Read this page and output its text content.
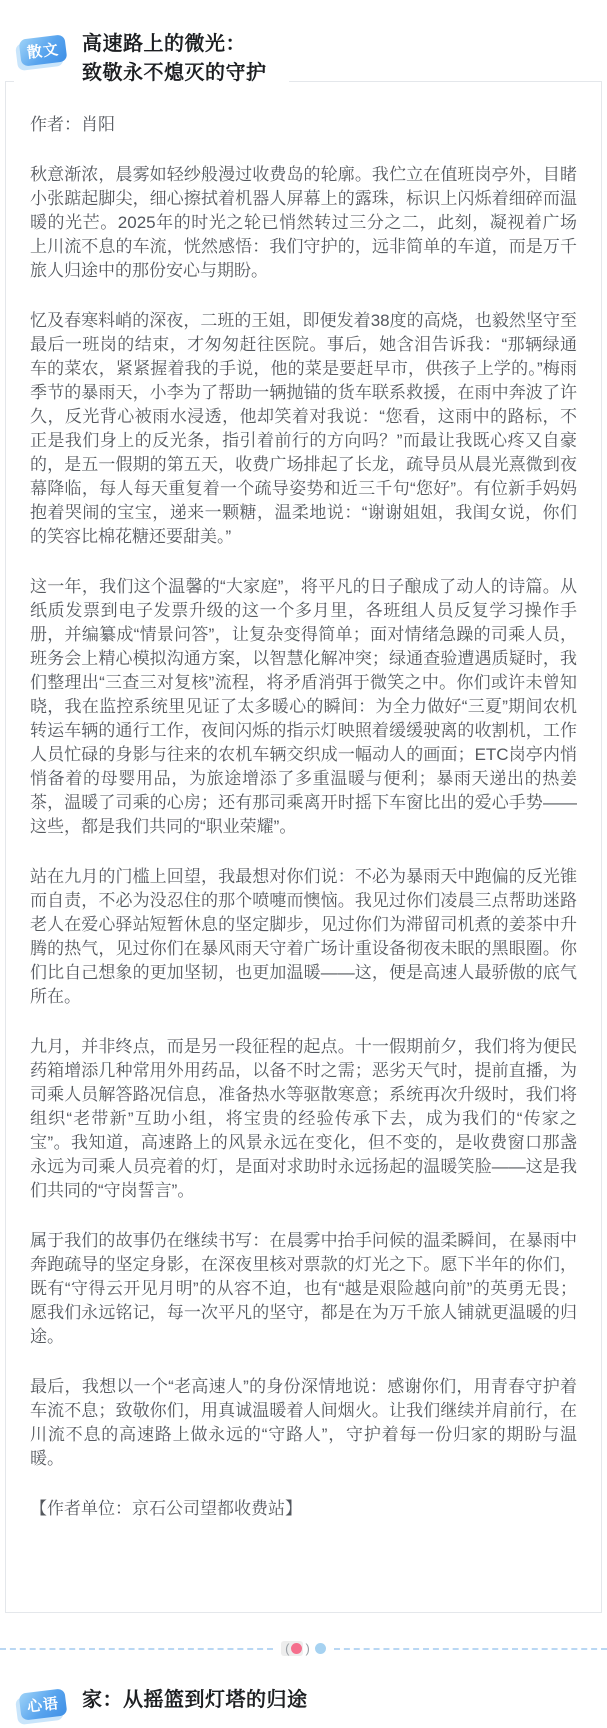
散文	高速路上的微光：
致敬永不熄灭的守护

作者：肖阳

秋意渐浓，晨雾如轻纱般漫过收费岛的轮廓。我伫立在值班岗亭外，目睹小张踮起脚尖，细心擦拭着机器人屏幕上的露珠，标识上闪烁着细碎而温暖的光芒。2025年的时光之轮已悄然转过三分之二，此刻，凝视着广场上川流不息的车流，恍然感悟：我们守护的，远非简单的车道，而是万千旅人归途中的那份安心与期盼。

忆及春寒料峭的深夜，二班的王姐，即便发着38度的高烧，也毅然坚守至最后一班岗的结束，才匆匆赶往医院。事后，她含泪告诉我：“那辆绿通车的菜农，紧紧握着我的手说，他的菜是要赶早市，供孩子上学的。”梅雨季节的暴雨天，小李为了帮助一辆抛锚的货车联系救援，在雨中奔波了许久，反光背心被雨水浸透，他却笑着对我说：“您看，这雨中的路标，不正是我们身上的反光条，指引着前行的方向吗？”而最让我既心疼又自豪的，是五一假期的第五天，收费广场排起了长龙，疏导员从晨光熹微到夜幕降临，每人每天重复着一个疏导姿势和近三千句“您好”。有位新手妈妈抱着哭闹的宝宝，递来一颗糖，温柔地说：“谢谢姐姐，我闺女说，你们的笑容比棉花糖还要甜美。”

这一年，我们这个温馨的“大家庭”，将平凡的日子酿成了动人的诗篇。从纸质发票到电子发票升级的这一个多月里，各班组人员反复学习操作手册，并编纂成“情景问答”，让复杂变得简单；面对情绪急躁的司乘人员，班务会上精心模拟沟通方案，以智慧化解冲突；绿通查验遭遇质疑时，我们整理出“三查三对复核”流程，将矛盾消弭于微笑之中。你们或许未曾知晓，我在监控系统里见证了太多暖心的瞬间：为全力做好“三夏”期间农机转运车辆的通行工作，夜间闪烁的指示灯映照着缓缓驶离的收割机，工作人员忙碌的身影与往来的农机车辆交织成一幅动人的画面；ETC岗亭内悄悄备着的母婴用品，为旅途增添了多重温暖与便利；暴雨天递出的热姜茶，温暖了司乘的心房；还有那司乘离开时摇下车窗比出的爱心手势——这些，都是我们共同的“职业荣耀”。

站在九月的门槛上回望，我最想对你们说：不必为暴雨天中跑偏的反光锥而自责，不必为没忍住的那个喷嚏而懊恼。我见过你们凌晨三点帮助迷路老人在爱心驿站短暂休息的坚定脚步，见过你们为滞留司机煮的姜茶中升腾的热气，见过你们在暴风雨天守着广场计重设备彻夜未眠的黑眼圈。你们比自己想象的更加坚韧，也更加温暖——这，便是高速人最骄傲的底气所在。

九月，并非终点，而是另一段征程的起点。十一假期前夕，我们将为便民药箱增添几种常用外用药品，以备不时之需；恶劣天气时，提前直播，为司乘人员解答路况信息，准备热水等驱散寒意；系统再次升级时，我们将组织“老带新”互助小组，将宝贵的经验传承下去，成为我们的“传家之宝”。我知道，高速路上的风景永远在变化，但不变的，是收费窗口那盏永远为司乘人员亮着的灯，是面对求助时永远扬起的温暖笑脸——这是我们共同的“守岗誓言”。

属于我们的故事仍在继续书写：在晨雾中抬手问候的温柔瞬间，在暴雨中奔跑疏导的坚定身影，在深夜里核对票款的灯光之下。愿下半年的你们，既有“守得云开见月明”的从容不迫，也有“越是艰险越向前”的英勇无畏；愿我们永远铭记，每一次平凡的坚守，都是在为万千旅人铺就更温暖的归途。

最后，我想以一个“老高速人”的身份深情地说：感谢你们，用青春守护着车流不息；致敬你们，用真诚温暖着人间烟火。让我们继续并肩前行，在川流不息的高速路上做永远的“守路人”，守护着每一份归家的期盼与温暖。

【作者单位：京石公司望都收费站】

( )
心语	家：从摇篮到灯塔的归途
